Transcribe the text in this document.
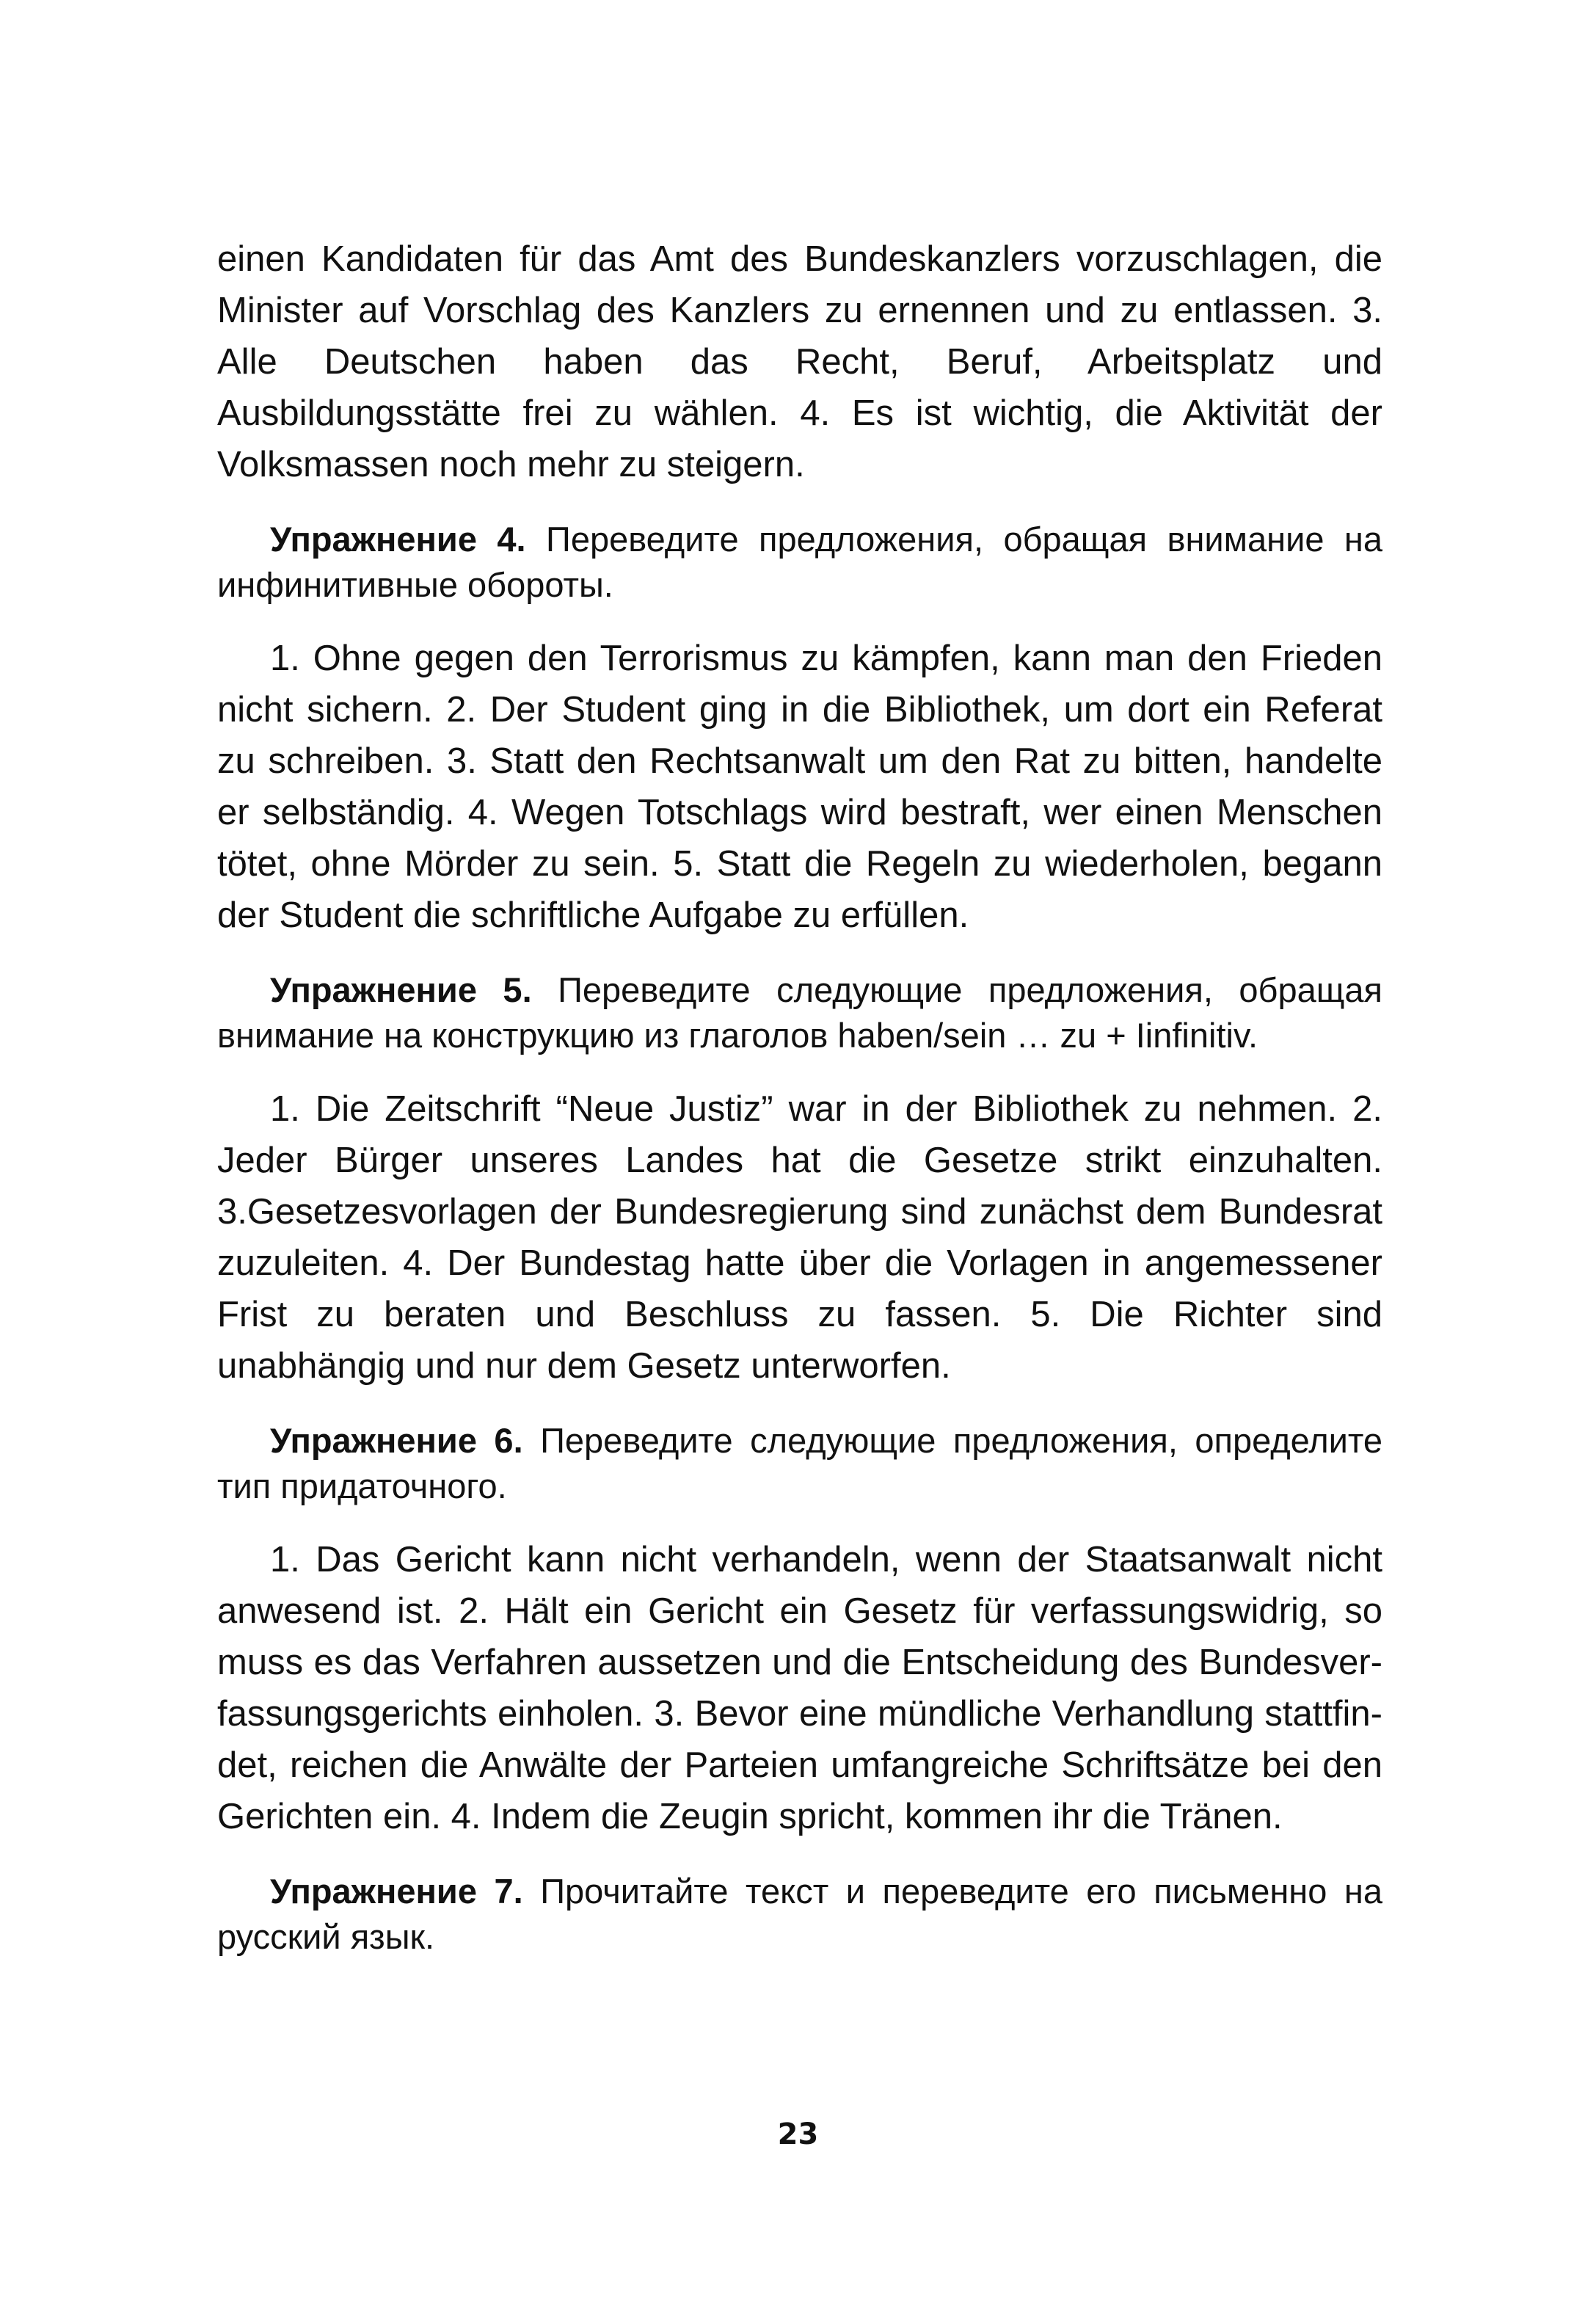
einen Kandidaten für das Amt des Bundeskanzlers vorzuschlagen, die Minister auf Vorschlag des Kanzlers zu ernennen und zu entlassen. 3. Alle Deutschen haben das Recht, Beruf, Arbeitsplatz und Ausbildungsstätte frei zu wählen. 4. Es ist wichtig, die Aktivität der Volksmassen noch mehr zu steigern.

Упражнение 4. Переведите предложения, обращая внимание на инфинитивные обороты.

1. Ohne gegen den Terrorismus zu kämpfen, kann man den Frieden nicht sichern. 2. Der Student ging in die Bibliothek, um dort ein Referat zu schreiben. 3. Statt den Rechtsanwalt um den Rat zu bitten, handelte er selbständig. 4. Wegen Totschlags wird bestraft, wer einen Menschen tötet, ohne Mörder zu sein. 5. Statt die Regeln zu wiederholen, begann der Student die schriftliche Aufgabe zu erfüllen.

Упражнение 5. Переведите следующие предложения, обращая внимание на конструкцию из глаголов haben/sein … zu + Iinfinitiv.

1. Die Zeitschrift “Neue Justiz” war in der Bibliothek zu nehmen. 2. Jeder Bürger unseres Landes hat die Gesetze strikt einzuhalten. 3.Gesetzesvorlagen der Bundesregierung sind zunächst dem Bundesrat zuzuleiten. 4. Der Bundestag hatte über die Vorlagen in angemessener Frist zu beraten und Beschluss zu fassen. 5. Die Richter sind unabhängig und nur dem Gesetz unterworfen.

Упражнение 6. Переведите следующие предложения, определите тип придаточного.

1. Das Gericht kann nicht verhandeln, wenn der Staatsanwalt nicht anwesend ist. 2. Hält ein Gericht ein Gesetz für verfassungswidrig, so muss es das Verfahren aussetzen und die Entscheidung des Bundesver-fassungsgerichts einholen. 3. Bevor eine mündliche Verhandlung stattfin-det, reichen die Anwälte der Parteien umfangreiche Schriftsätze bei den Gerichten ein. 4. Indem die Zeugin spricht, kommen ihr die Tränen.

Упражнение 7. Прочитайте текст и переведите его письменно на русский язык.

23
